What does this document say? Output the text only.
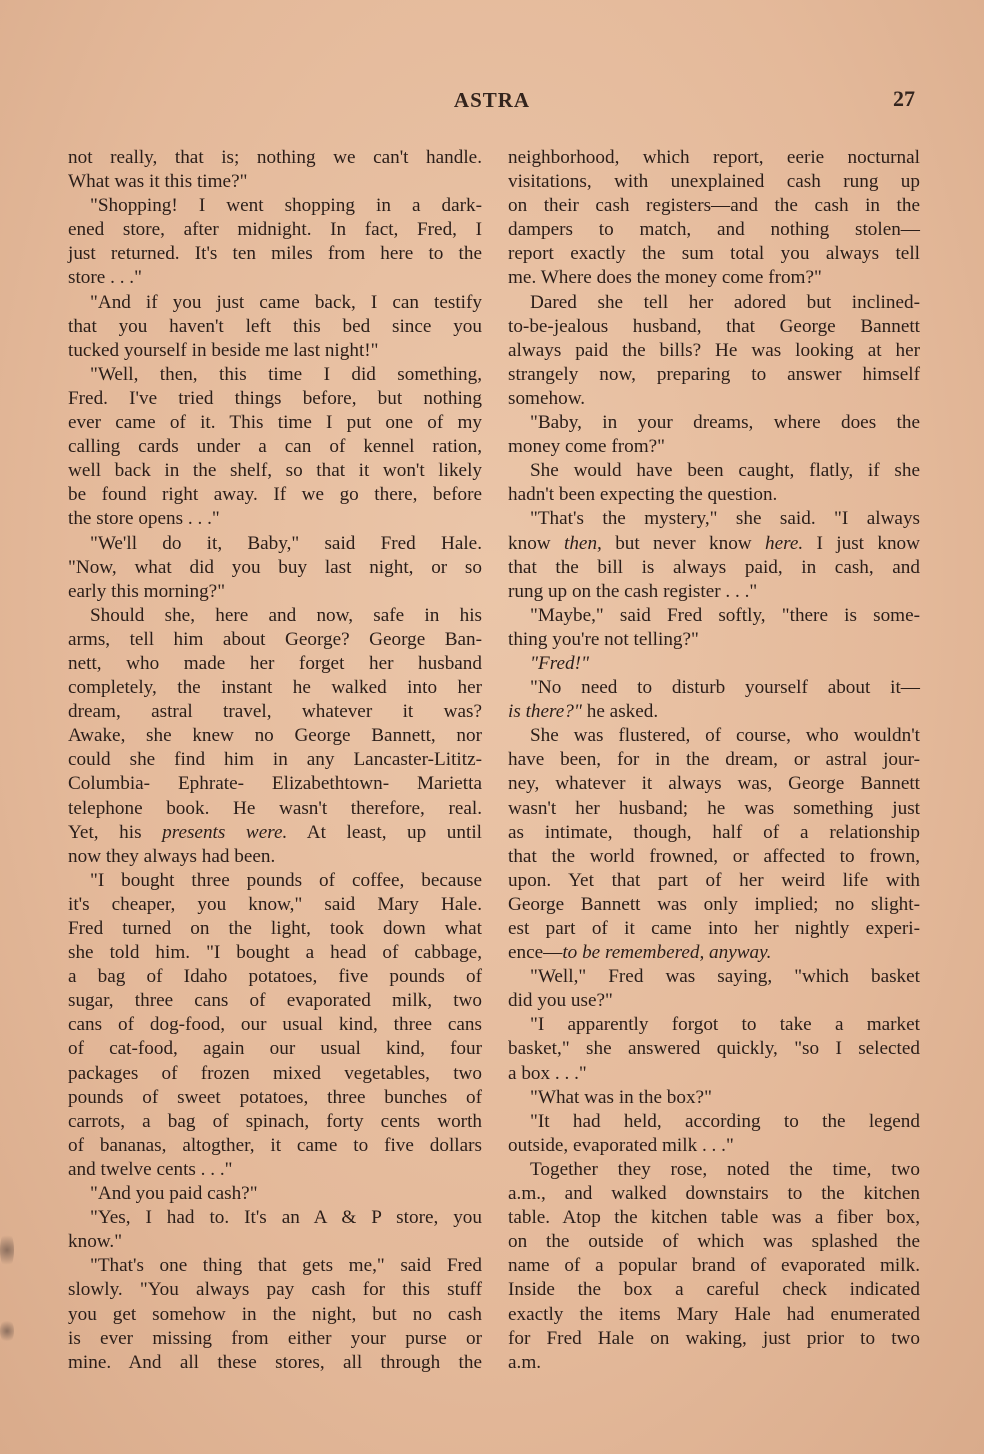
ASTRA	27
not really, that is; nothing we can't handle.
What was it this time?"
"Shopping! I went shopping in a dark-
ened store, after midnight. In fact, Fred, I
just returned. It's ten miles from here to the
store . . ."
"And if you just came back, I can testify
that you haven't left this bed since you
tucked yourself in beside me last night!"
"Well, then, this time I did something,
Fred. I've tried things before, but nothing
ever came of it. This time I put one of my
calling cards under a can of kennel ration,
well back in the shelf, so that it won't likely
be found right away. If we go there, before
the store opens . . ."
"We'll do it, Baby," said Fred Hale.
"Now, what did you buy last night, or so
early this morning?"
Should she, here and now, safe in his
arms, tell him about George? George Ban-
nett, who made her forget her husband
completely, the instant he walked into her
dream, astral travel, whatever it was?
Awake, she knew no George Bannett, nor
could she find him in any Lancaster-Lititz-
Columbia- Ephrate- Elizabethtown- Marietta
telephone book. He wasn't therefore, real.
Yet, his presents were. At least, up until
now they always had been.
"I bought three pounds of coffee, because
it's cheaper, you know," said Mary Hale.
Fred turned on the light, took down what
she told him. "I bought a head of cabbage,
a bag of Idaho potatoes, five pounds of
sugar, three cans of evaporated milk, two
cans of dog-food, our usual kind, three cans
of cat-food, again our usual kind, four
packages of frozen mixed vegetables, two
pounds of sweet potatoes, three bunches of
carrots, a bag of spinach, forty cents worth
of bananas, altogther, it came to five dollars
and twelve cents . . ."
"And you paid cash?"
"Yes, I had to. It's an A & P store, you
know."
"That's one thing that gets me," said Fred
slowly. "You always pay cash for this stuff
you get somehow in the night, but no cash
is ever missing from either your purse or
mine. And all these stores, all through the
neighborhood, which report, eerie nocturnal
visitations, with unexplained cash rung up
on their cash registers—and the cash in the
dampers to match, and nothing stolen—
report exactly the sum total you always tell
me. Where does the money come from?"
Dared she tell her adored but inclined-
to-be-jealous husband, that George Bannett
always paid the bills? He was looking at her
strangely now, preparing to answer himself
somehow.
"Baby, in your dreams, where does the
money come from?"
She would have been caught, flatly, if she
hadn't been expecting the question.
"That's the mystery," she said. "I always
know then, but never know here. I just know
that the bill is always paid, in cash, and
rung up on the cash register . . ."
"Maybe," said Fred softly, "there is some-
thing you're not telling?"
"Fred!"
"No need to disturb yourself about it—
is there?" he asked.
She was flustered, of course, who wouldn't
have been, for in the dream, or astral jour-
ney, whatever it always was, George Bannett
wasn't her husband; he was something just
as intimate, though, half of a relationship
that the world frowned, or affected to frown,
upon. Yet that part of her weird life with
George Bannett was only implied; no slight-
est part of it came into her nightly experi-
ence—to be remembered, anyway.
"Well," Fred was saying, "which basket
did you use?"
"I apparently forgot to take a market
basket," she answered quickly, "so I selected
a box . . ."
"What was in the box?"
"It had held, according to the legend
outside, evaporated milk . . ."
Together they rose, noted the time, two
a.m., and walked downstairs to the kitchen
table. Atop the kitchen table was a fiber box,
on the outside of which was splashed the
name of a popular brand of evaporated milk.
Inside the box a careful check indicated
exactly the items Mary Hale had enumerated
for Fred Hale on waking, just prior to two
a.m.
